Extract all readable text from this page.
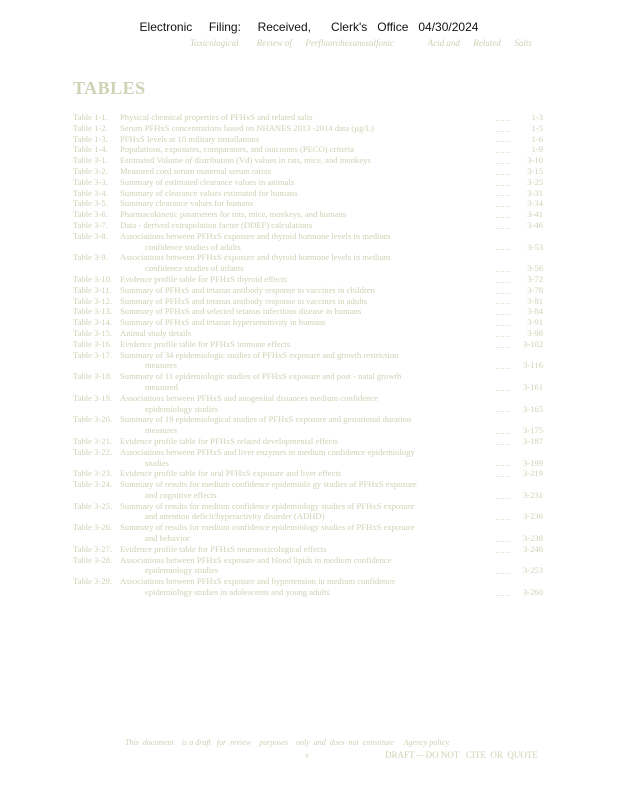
Electronic     Filing:     Received,      Clerk's   Office   04/30/2024
Toxicological        Review of      Perfluorohexanesulfonic               Acid and      Related      Salts
TABLES
Table 1-1.	Physical chemical properties of PFHxS and related salts	1-3
Table 1-2.	Serum PFHxS concentrations based on NHANES 2013 -2014 data (µg/L)	1-5
Table 1-3.	PFHxS levels at 10 military installations	1-6
Table 1-4.	Populations, exposures, comparators, and outcomes (PECO) criteria	1-9
Table 3-1.	Estimated Volume of distribution (Vd) values in rats, mice, and monkeys	3-10
Table 3-2.	Measured cord serum maternal serum ratios	3-15
Table 3-3.	Summary of estimated clearance values in animals	3-25
Table 3-4.	Summary of clearance values estimated for humans	3-31
Table 3-5.	Summary clearance values for humans	3-34
Table 3-6.	Pharmacokinetic parameters for rats, mice, monkeys, and humans	3-41
Table 3-7.	Data - derived extrapolation factor (DDEF) calculations	3-46
Table 3-8.	Associations between PFHxS exposure and thyroid hormone levels in medium
confidence studies of adults	3-53
Table 3-9.	Associations between PFHxS exposure and thyroid hormone levels in medium
confidence studies of infants	3-56
Table 3-10. Evidence profile table for PFHxS thyroid effects	3-72
Table 3-11. Summary of PFHxS and tetanus antibody response to vaccines in children	3-78
Table 3-12. Summary of PFHxS and tetanus antibody response to vaccines in adults	3-81
Table 3-13. Summary of PFHxS and selected tetanus infectious disease in humans	3-84
Table 3-14. Summary of PFHxS and tetanus hypersensitivity in humans	3-91
Table 3-15. Animal study details	3-98
Table 3-16. Evidence profile table for PFHxS immune effects	3-102
Table 3-17. Summary of 34 epidemiologic studies of PFHxS exposure and growth restriction
measures	3-116
Table 3-18. Summary of 11 epidemiologic studies of PFHxS exposure and post - natal growth
measured	3-161
Table 3-19. Associations between PFHxS and anogenital distances medium confidence
epidemiology studies	3-165
Table 3-20. Summary of 19 epidemiological studies of PFHxS exposure and gestational duration
measures	3-175
Table 3-21. Evidence profile table for PFHxS related developmental effects	3-187
Table 3-22. Associations between PFHxS and liver enzymes in medium confidence epidemiology
studies	3-199
Table 3-23. Evidence profile table for oral PFHxS exposure and liver effects	3-219
Table 3-24. Summary of results for medium confidence epidemiolo gy studies of PFHxS exposure
and cognitive effects	3-231
Table 3-25. Summary of results for medium confidence epidemiology studies of PFHxS exposure
and attention deficit/hyperactivity disorder (ADHD)	3-236
Table 3-26. Summary of results for medium confidence epidemiology studies of PFHxS exposure
and behavior	3-238
Table 3-27. Evidence profile table for PFHxS neurotoxicological effects	3-246
Table 3-28. Associations between PFHxS exposure and blood lipids in medium confidence
epidemiology studies	3-253
Table 3-29. Associations between PFHxS exposure and hypertension in medium confidence
epidemiology studies in adolescents and young adults	3-260
This  document    is a draft   for  review    purposes    only  and  does  not  constitute     Agency policy.
v	DRAFT —DO NOT   CITE  OR  QUOTE
